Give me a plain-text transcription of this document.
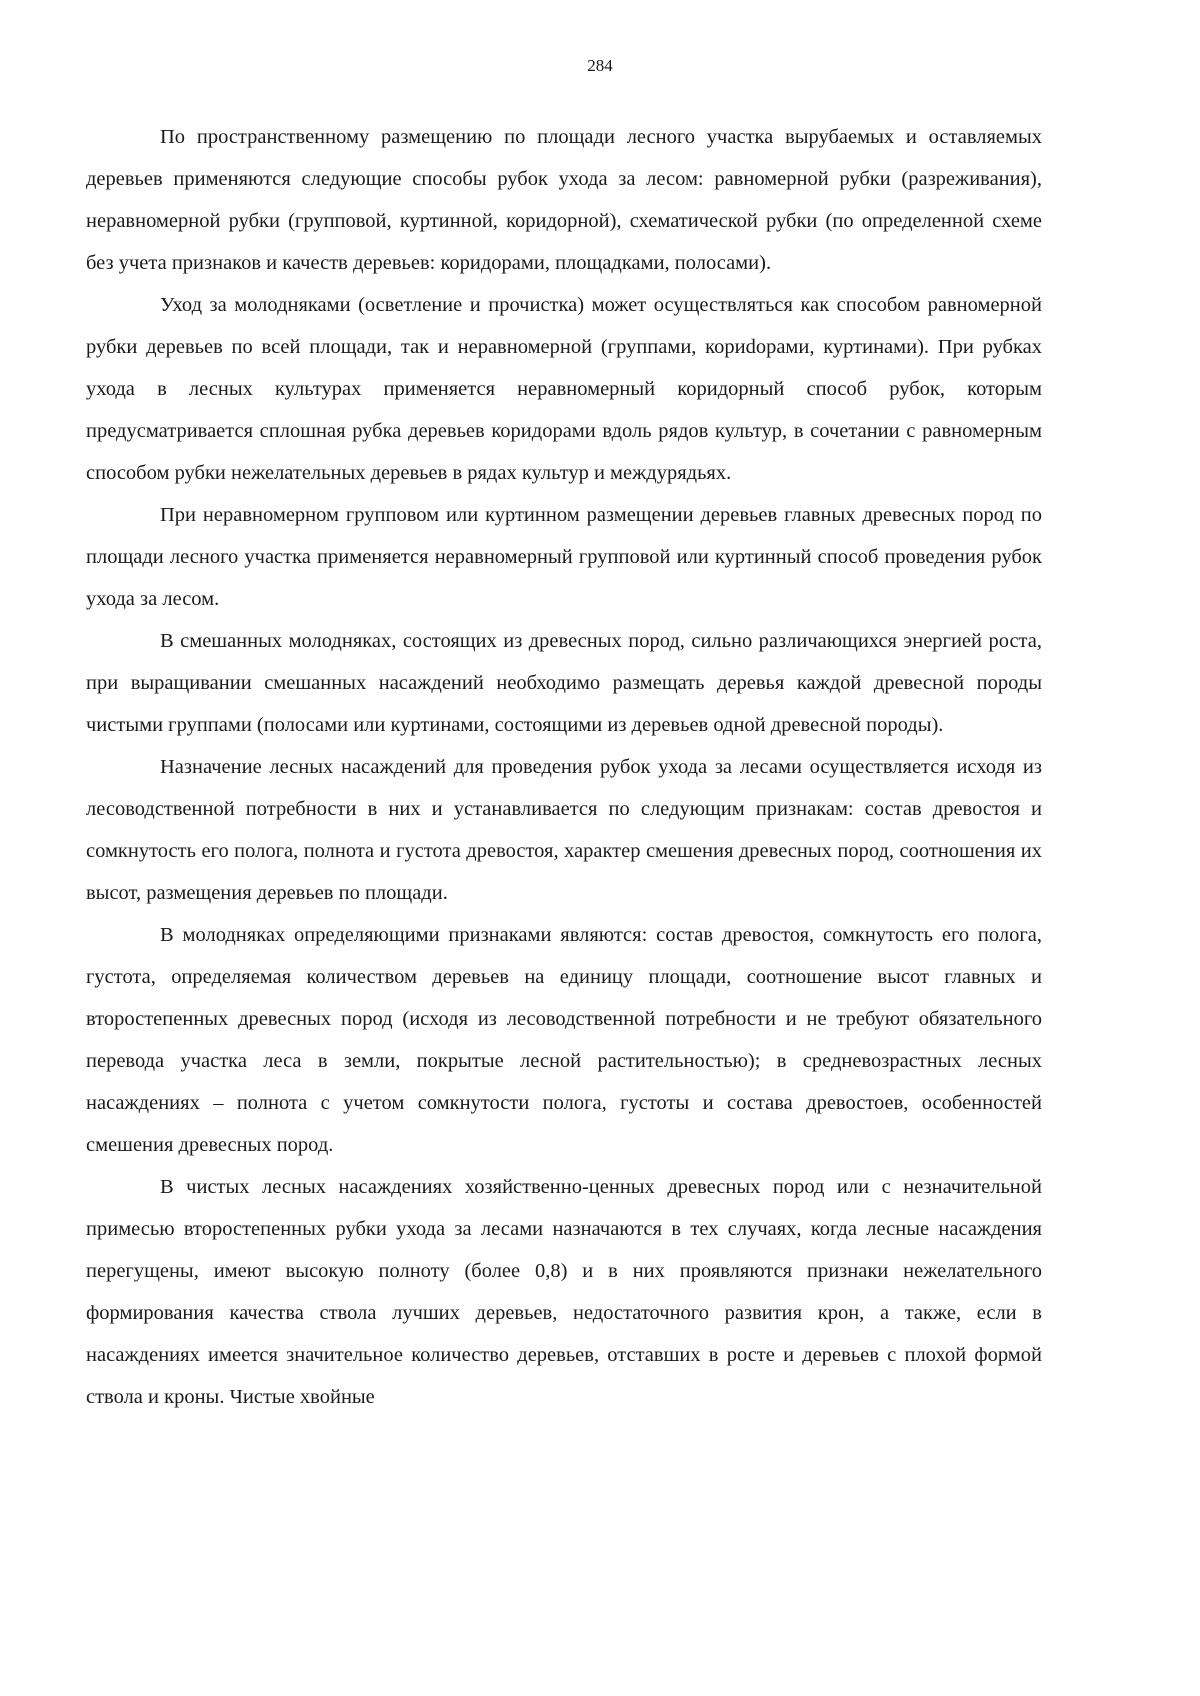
284

По пространственному размещению по площади лесного участка вырубаемых и оставляемых деревьев применяются следующие способы рубок ухода за лесом: равномерной рубки (разреживания), неравномерной рубки (групповой, куртинной, коридорной), схематической рубки (по определенной схеме без учета признаков и качеств деревьев: коридорами, площадками, полосами).

Уход за молодняками (осветление и прочистка) может осуществляться как способом равномерной рубки деревьев по всей площади, так и неравномерной (группами, кориdорами, куртинами). При рубках ухода в лесных культурах применяется неравномерный коридорный способ рубок, которым предусматривается сплошная рубка деревьев коридорами вдоль рядов культур, в сочетании с равномерным способом рубки нежелательных деревьев в рядах культур и междурядьях.

При неравномерном групповом или куртинном размещении деревьев главных древесных пород по площади лесного участка применяется неравномерный групповой или куртинный способ проведения рубок ухода за лесом.

В смешанных молодняках, состоящих из древесных пород, сильно различающихся энергией роста, при выращивании смешанных насаждений необходимо размещать деревья каждой древесной породы чистыми группами (полосами или куртинами, состоящими из деревьев одной древесной породы).

Назначение лесных насаждений для проведения рубок ухода за лесами осуществляется исходя из лесоводственной потребности в них и устанавливается по следующим признакам: состав древостоя и сомкнутость его полога, полнота и густота древостоя, характер смешения древесных пород, соотношения их высот, размещения деревьев по площади.

В молодняках определяющими признаками являются: состав древостоя, сомкнутость его полога, густота, определяемая количеством деревьев на единицу площади, соотношение высот главных и второстепенных древесных пород (исходя из лесоводственной потребности и не требуют обязательного перевода участка леса в земли, покрытые лесной растительностью); в средневозрастных лесных насаждениях – полнота с учетом сомкнутости полога, густоты и состава древостоев, особенностей смешения древесных пород.

В чистых лесных насаждениях хозяйственно-ценных древесных пород или с незначительной примесью второстепенных рубки ухода за лесами назначаются в тех случаях, когда лесные насаждения перегущены, имеют высокую полноту (более 0,8) и в них проявляются признаки нежелательного формирования качества ствола лучших деревьев, недостаточного развития крон, а также, если в насаждениях имеется значительное количество деревьев, отставших в росте и деревьев с плохой формой ствола и кроны. Чистые хвойные
